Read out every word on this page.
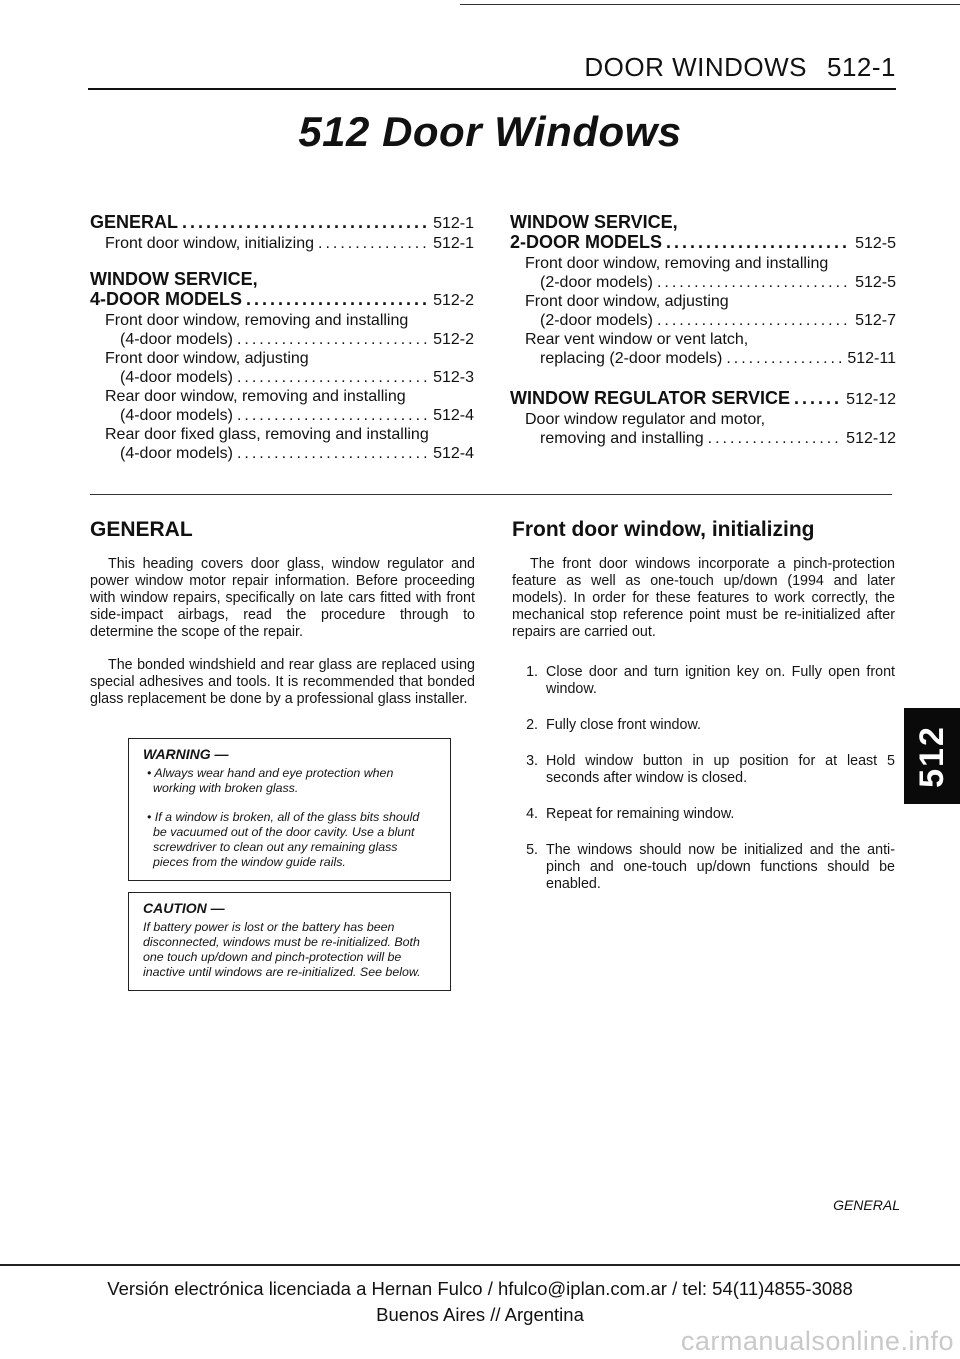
DOOR WINDOWS 512-1
512 Door Windows
GENERAL .....	512-1
Front door window, initializing .....	512-1
WINDOW SERVICE,
4-DOOR MODELS .....	512-2
Front door window, removing and installing
(4-door models) .....	512-2
Front door window, adjusting
(4-door models) .....	512-3
Rear door window, removing and installing
(4-door models) .....	512-4
Rear door fixed glass, removing and installing
(4-door models) .....	512-4
WINDOW SERVICE,
2-DOOR MODELS .....	512-5
Front door window, removing and installing
(2-door models) .....	512-5
Front door window, adjusting
(2-door models) .....	512-7
Rear vent window or vent latch,
replacing (2-door models) .....	512-11
WINDOW REGULATOR SERVICE .....	512-12
Door window regulator and motor,
removing and installing .....	512-12
GENERAL

This heading covers door glass, window regulator and power window motor repair information. Before proceeding with window repairs, specifically on late cars fitted with front side-impact airbags, read the procedure through to determine the scope of the repair.

The bonded windshield and rear glass are replaced using special adhesives and tools. It is recommended that bonded glass replacement be done by a professional glass installer.

WARNING —
• Always wear hand and eye protection when working with broken glass.
• If a window is broken, all of the glass bits should be vacuumed out of the door cavity. Use a blunt screwdriver to clean out any remaining glass pieces from the window guide rails.
CAUTION —
If battery power is lost or the battery has been disconnected, windows must be re-initialized. Both one touch up/down and pinch-protection will be inactive until windows are re-initialized. See below.
Front door window, initializing

The front door windows incorporate a pinch-protection feature as well as one-touch up/down (1994 and later models). In order for these features to work correctly, the mechanical stop reference point must be re-initialized after repairs are carried out.

1. Close door and turn ignition key on. Fully open front window.
2. Fully close front window.
3. Hold window button in up position for at least 5 seconds after window is closed.
4. Repeat for remaining window.
5. The windows should now be initialized and the anti-pinch and one-touch up/down functions should be enabled.
512
GENERAL
Versión electrónica licenciada a Hernan Fulco / hfulco@iplan.com.ar / tel: 54(11)4855-3088
Buenos Aires // Argentina
carmanualsonline.info
